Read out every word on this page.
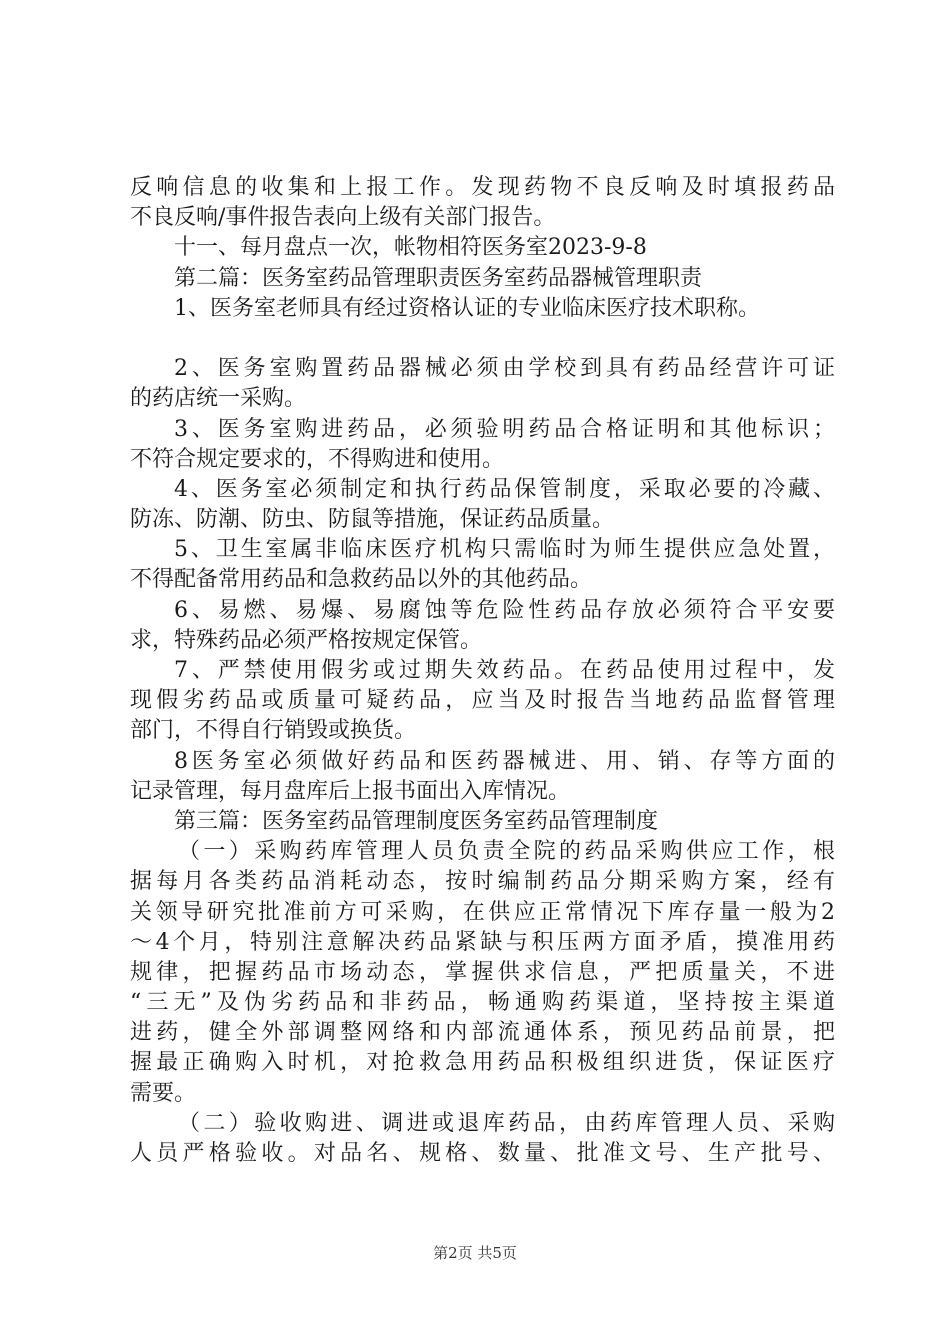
反响信息的收集和上报工作。发现药物不良反响及时填报药品
不良反响/事件报告表向上级有关部门报告。
十一、每月盘点一次，帐物相符医务室2023-9-8
第二篇：医务室药品管理职责医务室药品器械管理职责
1、医务室老师具有经过资格认证的专业临床医疗技术职称。
2、医务室购置药品器械必须由学校到具有药品经营许可证
的药店统一采购。
3、医务室购进药品，必须验明药品合格证明和其他标识；
不符合规定要求的，不得购进和使用。
4、医务室必须制定和执行药品保管制度，采取必要的冷藏、
防冻、防潮、防虫、防鼠等措施，保证药品质量。
5、卫生室属非临床医疗机构只需临时为师生提供应急处置，
不得配备常用药品和急救药品以外的其他药品。
6、易燃、易爆、易腐蚀等危险性药品存放必须符合平安要
求，特殊药品必须严格按规定保管。
7、严禁使用假劣或过期失效药品。在药品使用过程中，发
现假劣药品或质量可疑药品，应当及时报告当地药品监督管理
部门，不得自行销毁或换货。
8医务室必须做好药品和医药器械进、用、销、存等方面的
记录管理，每月盘库后上报书面出入库情况。
第三篇：医务室药品管理制度医务室药品管理制度
（一）采购药库管理人员负责全院的药品采购供应工作，根
据每月各类药品消耗动态，按时编制药品分期采购方案，经有
关领导研究批准前方可采购，在供应正常情况下库存量一般为2
～4个月，特别注意解决药品紧缺与积压两方面矛盾，摸准用药
规律，把握药品市场动态，掌握供求信息，严把质量关，不进
“三无”及伪劣药品和非药品，畅通购药渠道，坚持按主渠道
进药，健全外部调整网络和内部流通体系，预见药品前景，把
握最正确购入时机，对抢救急用药品积极组织进货，保证医疗
需要。
（二）验收购进、调进或退库药品，由药库管理人员、采购
人员严格验收。对品名、规格、数量、批准文号、生产批号、
第2页 共5页
